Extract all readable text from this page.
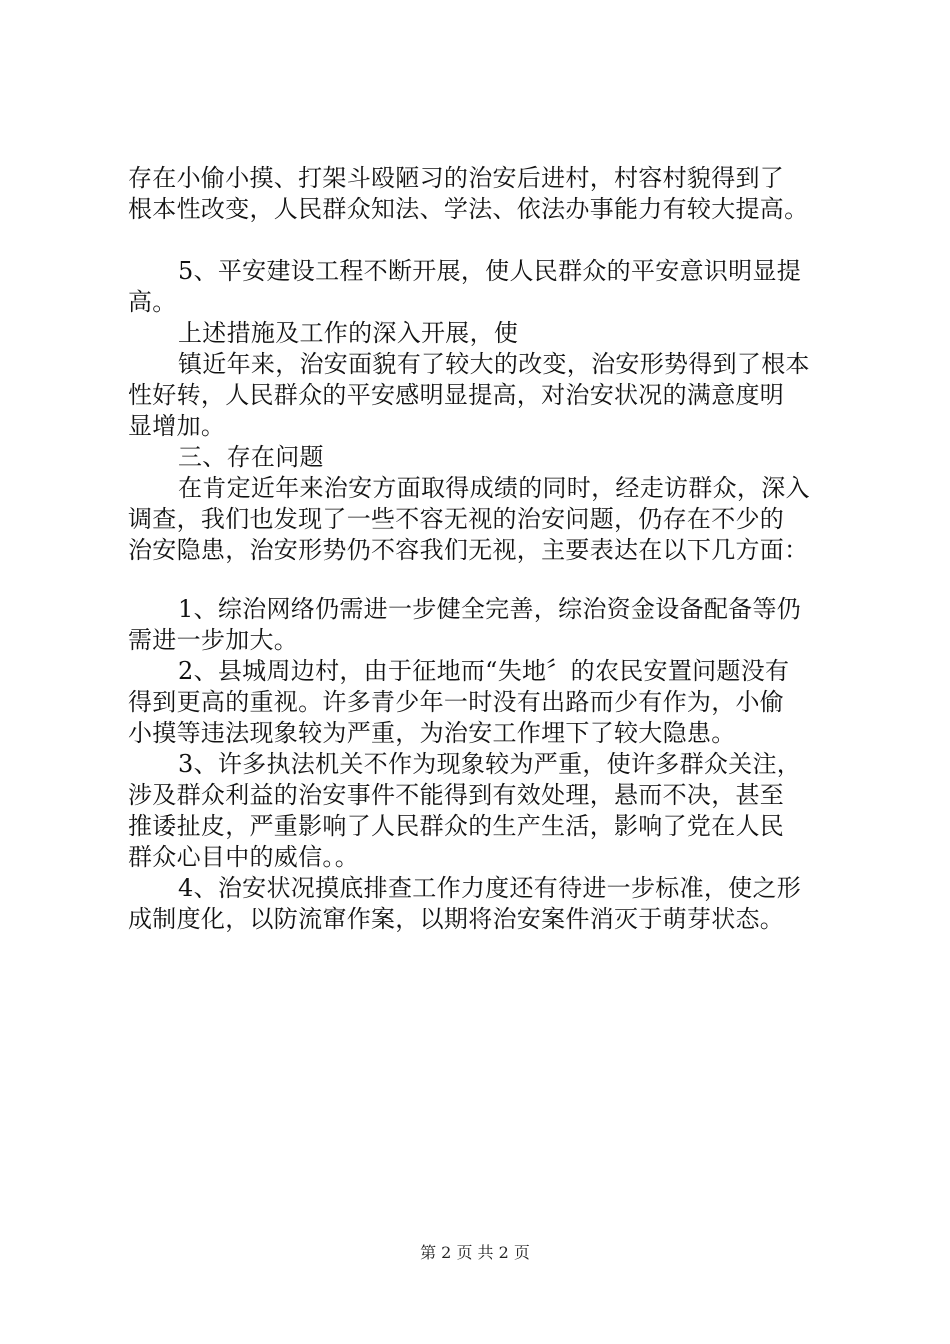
存在小偷小摸、打架斗殴陋习的治安后进村，村容村貌得到了
根本性改变，人民群众知法、学法、依法办事能力有较大提高。

5、平安建设工程不断开展，使人民群众的平安意识明显提
高。

上述措施及工作的深入开展，使

镇近年来，治安面貌有了较大的改变，治安形势得到了根本
性好转，人民群众的平安感明显提高，对治安状况的满意度明
显增加。

三、存在问题

在肯定近年来治安方面取得成绩的同时，经走访群众，深入
调查，我们也发现了一些不容无视的治安问题，仍存在不少的
治安隐患，治安形势仍不容我们无视，主要表达在以下几方面：

1、综治网络仍需进一步健全完善，综治资金设备配备等仍
需进一步加大。

2、县城周边村，由于征地而“失地〞的农民安置问题没有
得到更高的重视。许多青少年一时没有出路而少有作为，小偷
小摸等违法现象较为严重，为治安工作埋下了较大隐患。

3、许多执法机关不作为现象较为严重，使许多群众关注，
涉及群众利益的治安事件不能得到有效处理，悬而不决，甚至
推诿扯皮，严重影响了人民群众的生产生活，影响了党在人民
群众心目中的威信。。

4、治安状况摸底排查工作力度还有待进一步标准，使之形
成制度化，以防流窜作案，以期将治安案件消灭于萌芽状态。

第 2 页 共 2 页
